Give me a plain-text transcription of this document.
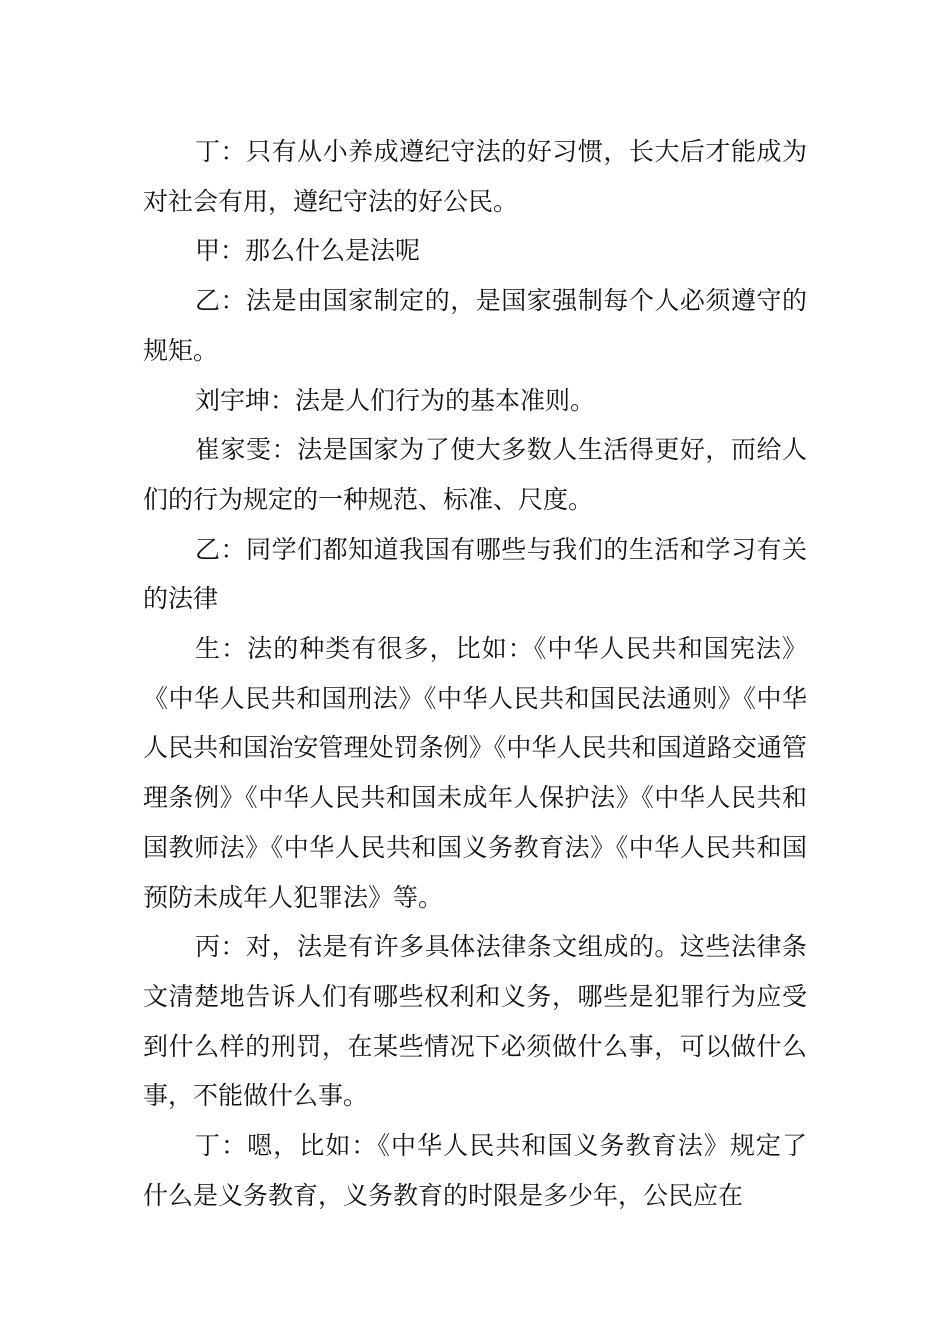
丁：只有从小养成遵纪守法的好习惯，长大后才能成为对社会有用，遵纪守法的好公民。

甲：那么什么是法呢

乙：法是由国家制定的，是国家强制每个人必须遵守的规矩。

刘宇坤：法是人们行为的基本准则。

崔家雯：法是国家为了使大多数人生活得更好，而给人们的行为规定的一种规范、标准、尺度。

乙：同学们都知道我国有哪些与我们的生活和学习有关的法律

生：法的种类有很多，比如：《中华人民共和国宪法》《中华人民共和国刑法》《中华人民共和国民法通则》《中华人民共和国治安管理处罚条例》《中华人民共和国道路交通管理条例》《中华人民共和国未成年人保护法》《中华人民共和国教师法》《中华人民共和国义务教育法》《中华人民共和国预防未成年人犯罪法》等。

丙：对，法是有许多具体法律条文组成的。这些法律条文清楚地告诉人们有哪些权利和义务，哪些是犯罪行为应受到什么样的刑罚，在某些情况下必须做什么事，可以做什么事，不能做什么事。

丁：嗯，比如：《中华人民共和国义务教育法》规定了什么是义务教育，义务教育的时限是多少年，公民应在
